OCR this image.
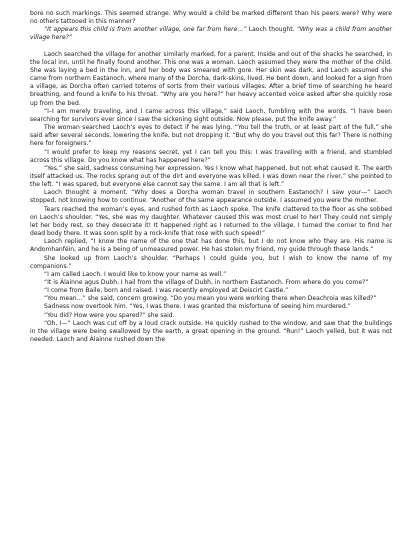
bore no such markings. This seemed strange. Why would a child be marked different than his peers were? Why were no others tattooed in this manner?

“It appears this child is from another village, one far from here…” Laoch thought. “Why was a child from another village here?”

Laoch searched the village for another similarly marked, for a parent. Inside and out of the shacks he searched, in the local inn, until he finally found another. This one was a woman. Laoch assumed they were the mother of the child. She was laying a bed in the inn, and her body was smeared with gore. Her skin was dark, and Laoch assumed she came from northern Eastanoch, where many of the Dorcha, dark-skins, lived. He bent down, and looked for a sign from a village, as Dorcha often carried totems of sorts from their various villages. After a brief time of searching he heard breathing, and found a knife to his throat. “Why are you here?” her heavy accented voice asked after she quickly rose up from the bed.

“I–I am merely traveling, and I came across this village,” said Laoch, fumbling with the words. “I have been searching for survivors ever since I saw the sickening sight outside. Now please, put the knife away.”

The woman searched Laoch’s eyes to detect if he was lying. “You tell the truth, or at least part of the full,” she said after several seconds, lowering the knife, but not dropping it. “But why do you travel out this far? There is nothing here for foreigners.”

“I would prefer to keep my reasons secret, yet I can tell you this: I was traveling with a friend, and stumbled across this village. Do you know what has happened here?”

“Yes,” she said, sadness consuming her expression. Yes I know what happened, but not what caused it. The earth itself attacked us. The rocks sprang out of the dirt and everyone was killed. I was down near the river,” she pointed to the left. “I was spared, but everyone else cannot say the same. I am all that is left.”

Laoch thought a moment. “Why does a Dorcha woman travel in southern Eastanoch? I saw your—“ Laoch stopped, not knowing how to continue. “Another of the same appearance outside. I assumed you were the mother.

Tears reached the woman’s eyes, and rushed forth as Laoch spoke. The knife clattered to the floor as she sobbed on Laoch’s shoulder. “Yes, she was my daughter. Whatever caused this was most cruel to her! They could not simply let her body rest, so they desecrate it! It happened right as I returned to the village. I turned the corner to find her dead body there. It was soon split by a rock-knife that rose with such speed!”

Laoch replied, “I know the name of the one that has done this, but I do not know who they are. His name is Andomhanféin, and he is a being of unmeasured power. He has stolen my friend, my guide through these lands.”

She looked up from Laoch’s shoulder. “Perhaps I could guide you, but I wish to know the name of my companions.”

“I am called Laoch. I would like to know your name as well.”

“It is Álainne agus Dubh. I hail from the village of Dubh, in northern Eastanoch. From where do you come?”

“I come from Baile, born and raised. I was recently employed at Deiscirt Castle.”

“You mean…” she said, concern growing. “Do you mean you were working there when Deachroia was killed?”

Sadness now overtook him. “Yes, I was there. I was granted the misfortune of seeing him murdered.”

“You did? How were you spared?” she said.

“Oh, I—“ Laoch was cut off by a loud crack outside. He quickly rushed to the window, and saw that the buildings in the village were being swallowed by the earth, a great opening in the ground. “Run!” Laoch yelled, but it was not needed. Laoch and Álainne rushed down the
